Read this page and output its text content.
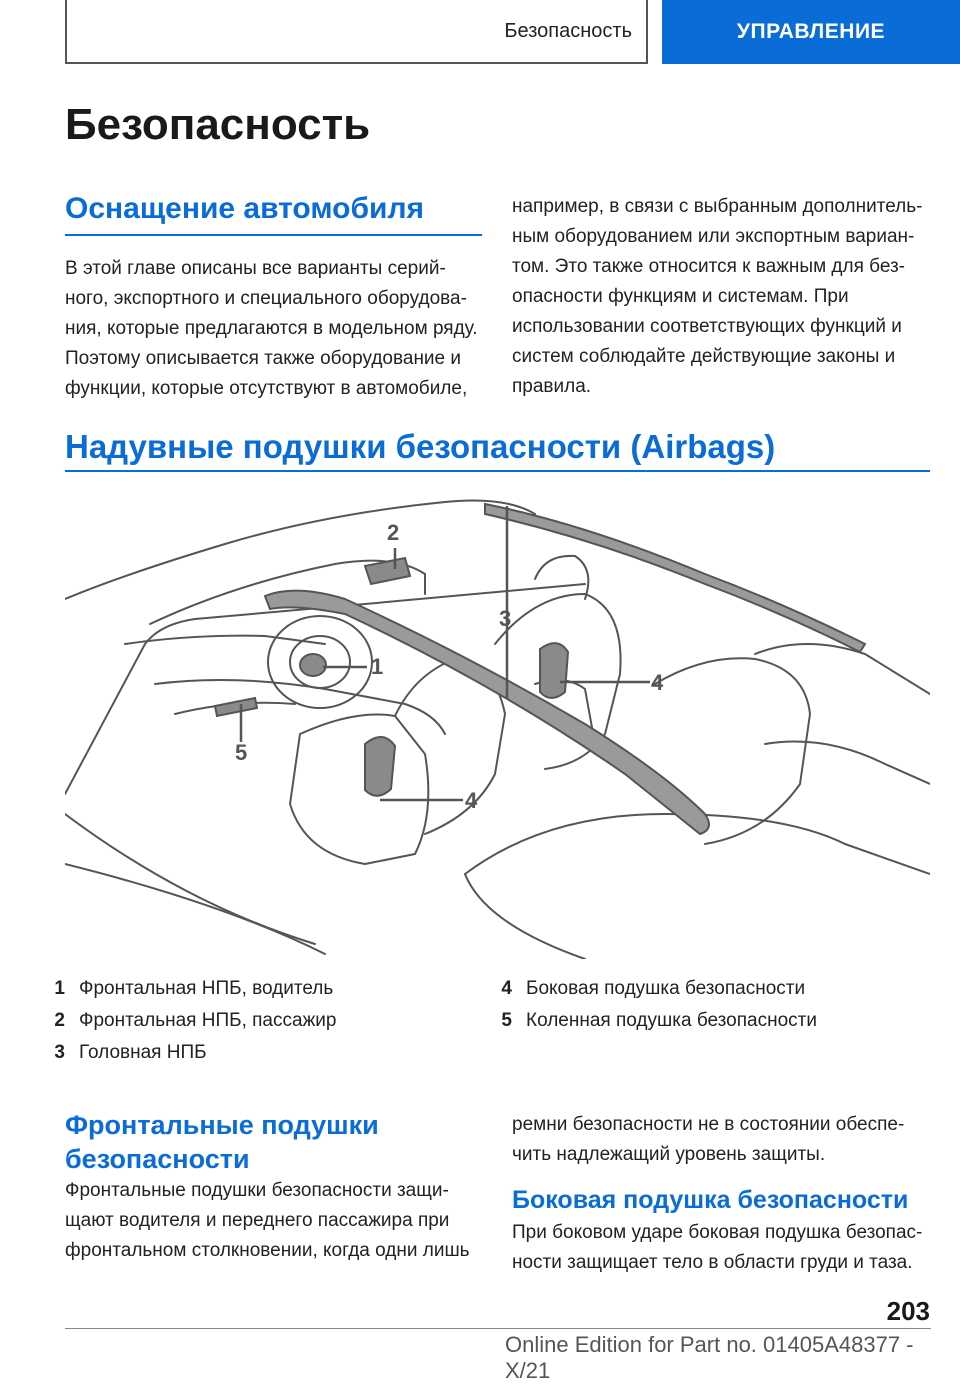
Безопасность	УПРАВЛЕНИЕ
Безопасность
Оснащение автомобиля
В этой главе описаны все варианты серий-
ного, экспортного и специального оборудова-
ния, которые предлагаются в модельном ряду.
Поэтому описывается также оборудование и
функции, которые отсутствуют в автомобиле,
например, в связи с выбранным дополнитель-
ным оборудованием или экспортным вариан-
том. Это также относится к важным для без-
опасности функциям и системам. При
использовании соответствующих функций и
систем соблюдайте действующие законы и
правила.
Надувные подушки безопасности (Airbags)
1
2
3
4
4
5
1 Фронтальная НПБ, водитель
2 Фронтальная НПБ, пассажир
3 Головная НПБ
4 Боковая подушка безопасности
5 Коленная подушка безопасности
Фронтальные подушки
безопасности
Фронтальные подушки безопасности защи-
щают водителя и переднего пассажира при
фронтальном столкновении, когда одни лишь
ремни безопасности не в состоянии обеспе-
чить надлежащий уровень защиты.
Боковая подушка безопасности
При боковом ударе боковая подушка безопас-
ности защищает тело в области груди и таза.
203
Online Edition for Part no. 01405A48377 - X/21
